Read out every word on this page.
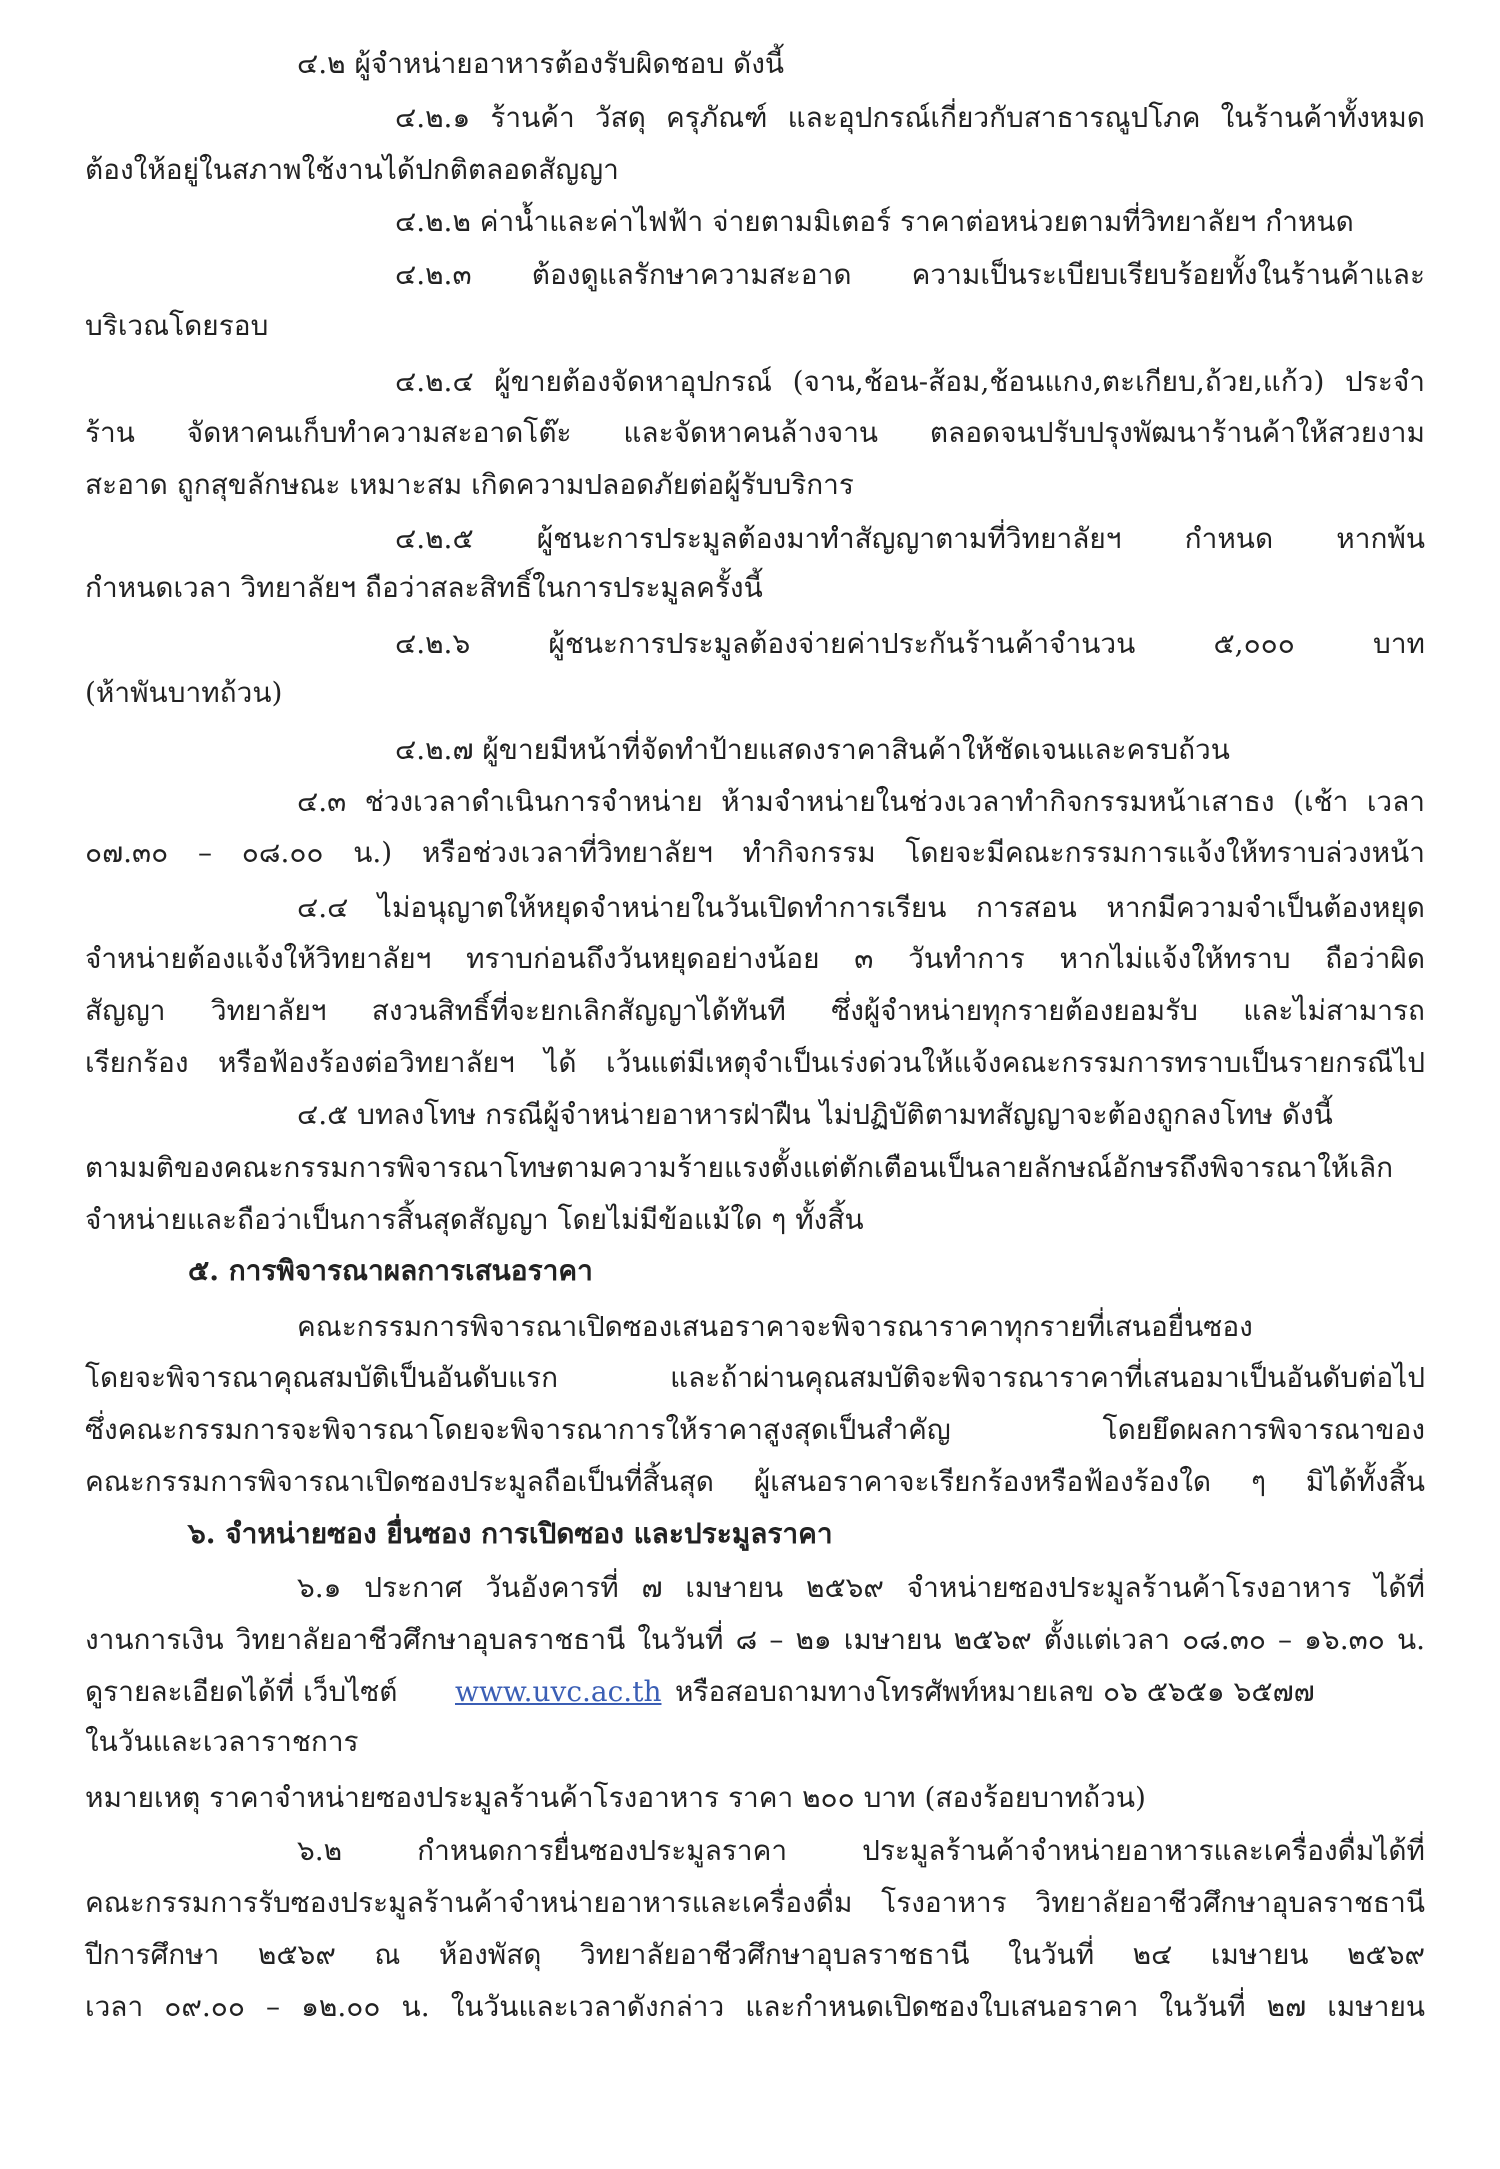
๔.๒ ผู้จำหน่ายอาหารต้องรับผิดชอบ ดังนี้

๔.๒.๑ ร้านค้า วัสดุ ครุภัณฑ์ และอุปกรณ์เกี่ยวกับสาธารณูปโภค ในร้านค้าทั้งหมด

ต้องให้อยู่ในสภาพใช้งานได้ปกติตลอดสัญญา

๔.๒.๒ ค่าน้ำและค่าไฟฟ้า จ่ายตามมิเตอร์ ราคาต่อหน่วยตามที่วิทยาลัยฯ กำหนด

๔.๒.๓ ต้องดูแลรักษาความสะอาด ความเป็นระเบียบเรียบร้อยทั้งในร้านค้าและ

บริเวณโดยรอบ

๔.๒.๔ ผู้ขายต้องจัดหาอุปกรณ์ (จาน,ช้อน-ส้อม,ช้อนแกง,ตะเกียบ,ถ้วย,แก้ว) ประจำ

ร้าน จัดหาคนเก็บทำความสะอาดโต๊ะ และจัดหาคนล้างจาน ตลอดจนปรับปรุงพัฒนาร้านค้าให้สวยงาม

สะอาด ถูกสุขลักษณะ เหมาะสม เกิดความปลอดภัยต่อผู้รับบริการ

๔.๒.๕ ผู้ชนะการประมูลต้องมาทำสัญญาตามที่วิทยาลัยฯ กำหนด หากพ้น

กำหนดเวลา วิทยาลัยฯ ถือว่าสละสิทธิ์ในการประมูลครั้งนี้

๔.๒.๖ ผู้ชนะการประมูลต้องจ่ายค่าประกันร้านค้าจำนวน ๕,๐๐๐ บาท

(ห้าพันบาทถ้วน)

๔.๒.๗ ผู้ขายมีหน้าที่จัดทำป้ายแสดงราคาสินค้าให้ชัดเจนและครบถ้วน

๔.๓ ช่วงเวลาดำเนินการจำหน่าย ห้ามจำหน่ายในช่วงเวลาทำกิจกรรมหน้าเสาธง (เช้า เวลา

๐๗.๓๐ – ๐๘.๐๐ น.) หรือช่วงเวลาที่วิทยาลัยฯ ทำกิจกรรม โดยจะมีคณะกรรมการแจ้งให้ทราบล่วงหน้า

๔.๔ ไม่อนุญาตให้หยุดจำหน่ายในวันเปิดทำการเรียน การสอน หากมีความจำเป็นต้องหยุด

จำหน่ายต้องแจ้งให้วิทยาลัยฯ ทราบก่อนถึงวันหยุดอย่างน้อย ๓ วันทำการ หากไม่แจ้งให้ทราบ ถือว่าผิด

สัญญา วิทยาลัยฯ สงวนสิทธิ์ที่จะยกเลิกสัญญาได้ทันที ซึ่งผู้จำหน่ายทุกรายต้องยอมรับ และไม่สามารถ

เรียกร้อง หรือฟ้องร้องต่อวิทยาลัยฯ ได้ เว้นแต่มีเหตุจำเป็นเร่งด่วนให้แจ้งคณะกรรมการทราบเป็นรายกรณีไป

๔.๕ บทลงโทษ กรณีผู้จำหน่ายอาหารฝ่าฝืน ไม่ปฏิบัติตามทสัญญาจะต้องถูกลงโทษ ดังนี้

ตามมติของคณะกรรมการพิจารณาโทษตามความร้ายแรงตั้งแต่ตักเตือนเป็นลายลักษณ์อักษรถึงพิจารณาให้เลิก

จำหน่ายและถือว่าเป็นการสิ้นสุดสัญญา โดยไม่มีข้อแม้ใด ๆ ทั้งสิ้น

๕. การพิจารณาผลการเสนอราคา

คณะกรรมการพิจารณาเปิดซองเสนอราคาจะพิจารณาราคาทุกรายที่เสนอยื่นซอง

โดยจะพิจารณาคุณสมบัติเป็นอันดับแรก และถ้าผ่านคุณสมบัติจะพิจารณาราคาที่เสนอมาเป็นอันดับต่อไป

ซึ่งคณะกรรมการจะพิจารณาโดยจะพิจารณาการให้ราคาสูงสุดเป็นสำคัญ โดยยึดผลการพิจารณาของ

คณะกรรมการพิจารณาเปิดซองประมูลถือเป็นที่สิ้นสุด ผู้เสนอราคาจะเรียกร้องหรือฟ้องร้องใด ๆ มิได้ทั้งสิ้น

๖. จำหน่ายซอง ยื่นซอง การเปิดซอง และประมูลราคา

๖.๑ ประกาศ วันอังคารที่ ๗ เมษายน ๒๕๖๙ จำหน่ายซองประมูลร้านค้าโรงอาหาร ได้ที่

งานการเงิน วิทยาลัยอาชีวศึกษาอุบลราชธานี ในวันที่ ๘ – ๒๑ เมษายน ๒๕๖๙ ตั้งแต่เวลา ๐๘.๓๐ – ๑๖.๓๐ น.

ดูรายละเอียดได้ที่ เว็บไซต์ www.uvc.ac.th หรือสอบถามทางโทรศัพท์หมายเลข ๐๖ ๕๖๕๑ ๖๕๗๗

ในวันและเวลาราชการ

หมายเหตุ ราคาจำหน่ายซองประมูลร้านค้าโรงอาหาร ราคา ๒๐๐ บาท (สองร้อยบาทถ้วน)

๖.๒ กำหนดการยื่นซองประมูลราคา ประมูลร้านค้าจำหน่ายอาหารและเครื่องดื่มได้ที่

คณะกรรมการรับซองประมูลร้านค้าจำหน่ายอาหารและเครื่องดื่ม โรงอาหาร วิทยาลัยอาชีวศึกษาอุบลราชธานี

ปีการศึกษา ๒๕๖๙ ณ ห้องพัสดุ วิทยาลัยอาชีวศึกษาอุบลราชธานี ในวันที่ ๒๔ เมษายน ๒๕๖๙

เวลา ๐๙.๐๐ – ๑๒.๐๐ น. ในวันและเวลาดังกล่าว และกำหนดเปิดซองใบเสนอราคา ในวันที่ ๒๗ เมษายน
